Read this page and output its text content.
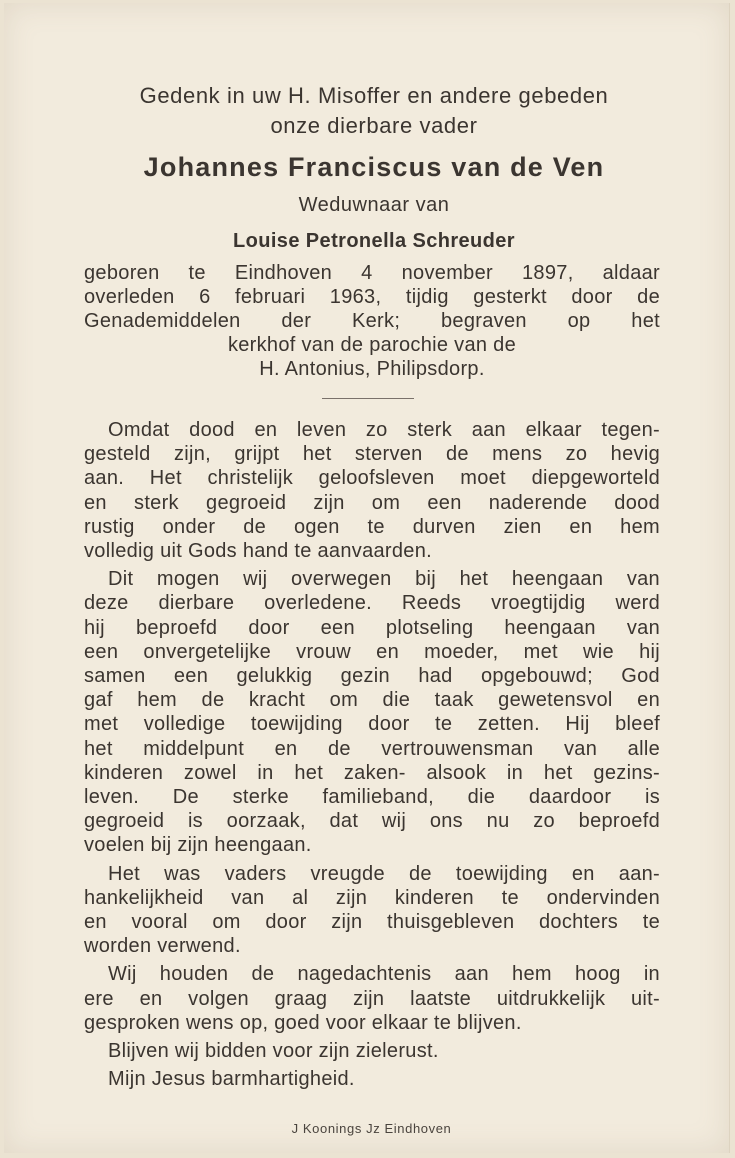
Gedenk in uw H. Misoffer en andere gebeden
onze dierbare vader
Johannes Franciscus van de Ven
Weduwnaar van
Louise Petronella Schreuder
geboren te Eindhoven 4 november 1897, aldaar
overleden 6 februari 1963, tijdig gesterkt door de
Genademiddelen der Kerk; begraven op het
kerkhof van de parochie van de
H. Antonius, Philipsdorp.
Omdat dood en leven zo sterk aan elkaar tegen-
gesteld zijn, grijpt het sterven de mens zo hevig
aan. Het christelijk geloofsleven moet diepgeworteld
en sterk gegroeid zijn om een naderende dood
rustig onder de ogen te durven zien en hem
volledig uit Gods hand te aanvaarden.
Dit mogen wij overwegen bij het heengaan van
deze dierbare overledene. Reeds vroegtijdig werd
hij beproefd door een plotseling heengaan van
een onvergetelijke vrouw en moeder, met wie hij
samen een gelukkig gezin had opgebouwd; God
gaf hem de kracht om die taak gewetensvol en
met volledige toewijding door te zetten. Hij bleef
het middelpunt en de vertrouwensman van alle
kinderen zowel in het zaken- alsook in het gezins-
leven. De sterke familieband, die daardoor is
gegroeid is oorzaak, dat wij ons nu zo beproefd
voelen bij zijn heengaan.
Het was vaders vreugde de toewijding en aan-
hankelijkheid van al zijn kinderen te ondervinden
en vooral om door zijn thuisgebleven dochters te
worden verwend.
Wij houden de nagedachtenis aan hem hoog in
ere en volgen graag zijn laatste uitdrukkelijk uit-
gesproken wens op, goed voor elkaar te blijven.
Blijven wij bidden voor zijn zielerust.
Mijn Jesus barmhartigheid.
J Koonings Jz Eindhoven
